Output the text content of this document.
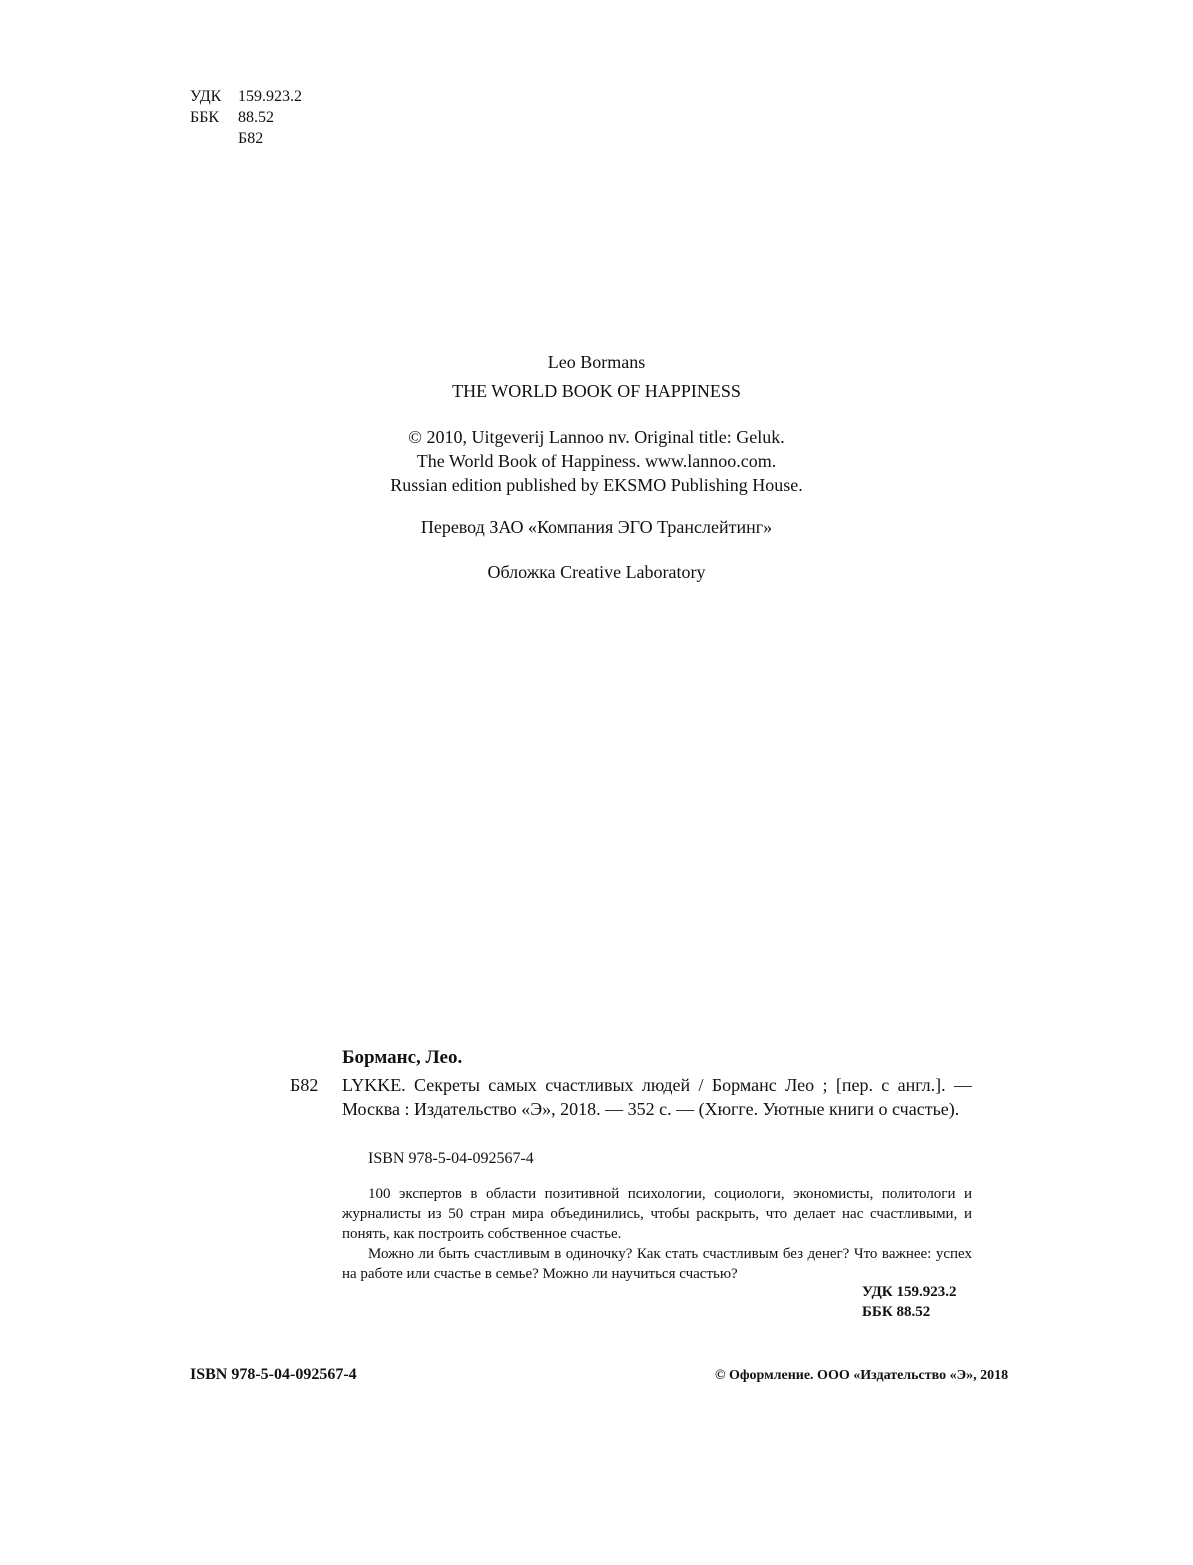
УДК 159.923.2
ББК 88.52
Б82
Leo Bormans
THE WORLD BOOK OF HAPPINESS
© 2010, Uitgeverij Lannoo nv. Original title: Geluk.
The World Book of Happiness. www.lannoo.com.
Russian edition published by EKSMO Publishing House.
Перевод ЗАО «Компания ЭГО Транслейтинг»
Обложка Creative Laboratory
Борманс, Лео.
Б82 LYKKE. Секреты самых счастливых людей / Борманс Лео ; [пер. с англ.]. — Москва : Издательство «Э», 2018. — 352 с. — (Хюгге. Уютные книги о счастье).
ISBN 978-5-04-092567-4

100 экспертов в области позитивной психологии, социологи, экономисты, политологи и журналисты из 50 стран мира объединились, чтобы раскрыть, что делает нас счастливыми, и понять, как построить собственное счастье.

Можно ли быть счастливым в одиночку? Как стать счастливым без денег? Что важнее: успех на работе или счастье в семье? Можно ли научиться счастью?

УДК 159.923.2
ББК 88.52
ISBN 978-5-04-092567-4	© Оформление. ООО «Издательство «Э», 2018
